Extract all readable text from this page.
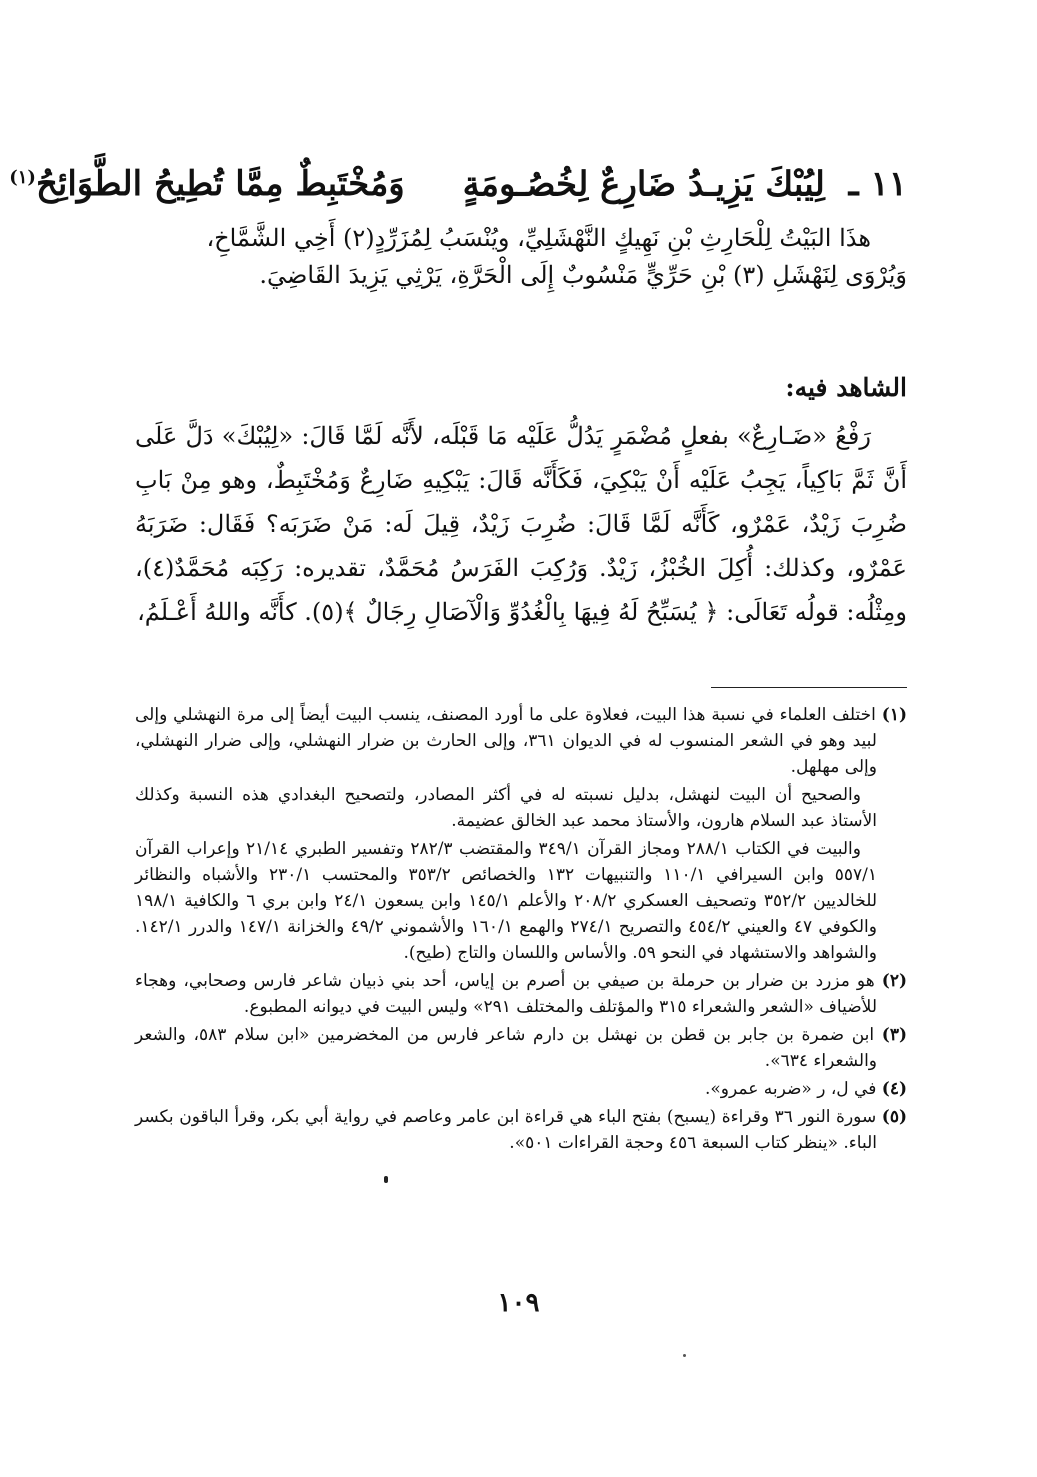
١١ ـ لِيُبْكَ يَزِيـدُ ضَارِعٌ لِخُصُـومَةٍ وَمُخْتَبِطٌ مِمَّا تُطِيحُ الطَّوَائِحُ$^{(١)}$

هذَا البَيْتُ لِلْحَارِثِ بْنِ نَهِيكٍ النَّهْشَلِيِّ، ويُنْسَبُ لِمُزَرِّدٍ(٢) أَخِي الشَّمَّاخِ،

وَيُرْوَى لِنَهْشَلِ (٣) بْنِ حَرِّيٍّ مَنْسُوبٌ إِلَى الْحَرَّةِ، يَرْثِي يَزِيدَ القَاضِيَ.

الشاهد فيه:

رَفْعُ «ضَـارِعٌ» بفعلٍ مُضْمَرٍ يَدُلُّ عَلَيْه مَا قَبْلَه، لأَنَّه لَمَّا قَالَ: «لِيُبْكَ» دَلَّ عَلَى أَنَّ ثَمَّ بَاكِياً، يَجِبُ عَلَيْه أَنْ يَبْكِيَ، فَكَأَنَّه قَالَ: يَبْكِيهِ ضَارِعٌ وَمُخْتَبِطٌ، وهو مِنْ بَابِ ضُرِبَ زَيْدٌ، عَمْرٌو، كَأَنَّه لَمَّا قَالَ: ضُرِبَ زَيْدٌ، قِيلَ لَه: مَنْ ضَرَبَه؟ فَقَال: ضَرَبَهُ عَمْرٌو، وكذلك: أُكِلَ الخُبْزُ، زَيْدٌ. وَرُكِبَ الفَرَسُ مُحَمَّدٌ، تقديره: رَكِبَه مُحَمَّدٌ(٤)، ومِثْلُه: قولُه تَعَالَى: ﴿ يُسَبِّحُ لَهُ فِيهَا بِالْغُدُوِّ وَالْآصَالِ رِجَالٌ ﴾(٥). كأَنَّه واللهُ أَعْـلَمُ،

(١) اختلف العلماء في نسبة هذا البيت، فعلاوة على ما أورد المصنف، ينسب البيت أيضاً إلى مرة النهشلي وإلى لبيد وهو في الشعر المنسوب له في الديوان ٣٦١، وإلى الحارث بن ضرار النهشلي، وإلى ضرار النهشلي، وإلى مهلهل.

والصحيح أن البيت لنهشل، بدليل نسبته له في أكثر المصادر، ولتصحيح البغدادي هذه النسبة وكذلك الأستاذ عبد السلام هارون، والأستاذ محمد عبد الخالق عضيمة.

والبيت في الكتاب ٢٨٨/١ ومجاز القرآن ٣٤٩/١ والمقتضب ٢٨٢/٣ وتفسير الطبري ٢١/١٤ وإعراب القرآن ٥٥٧/١ وابن السيرافي ١١٠/١ والتنبيهات ١٣٢ والخصائص ٣٥٣/٢ والمحتسب ٢٣٠/١ والأشباه والنظائر للخالديين ٣٥٢/٢ وتصحيف العسكري ٢٠٨/٢ والأعلم ١٤٥/١ وابن يسعون ٢٤/١ وابن بري ٦ والكافية ١٩٨/١ والكوفي ٤٧ والعيني ٤٥٤/٢ والتصريح ٢٧٤/١ والهمع ١٦٠/١ والأشموني ٤٩/٢ والخزانة ١٤٧/١ والدرر ١٤٢/١. والشواهد والاستشهاد في النحو ٥٩. والأساس واللسان والتاج (طيح).

(٢) هو مزرد بن ضرار بن حرملة بن صيفي بن أصرم بن إياس، أحد بني ذبيان شاعر فارس وصحابي، وهجاء للأضياف «الشعر والشعراء ٣١٥ والمؤتلف والمختلف ٢٩١» وليس البيت في ديوانه المطبوع.

(٣) ابن ضمرة بن جابر بن قطن بن نهشل بن دارم شاعر فارس من المخضرمين «ابن سلام ٥٨٣، والشعر والشعراء ٦٣٤».

(٤) في ل، ر «ضربه عمرو».

(٥) سورة النور ٣٦ وقراءة (يسبح) بفتح الباء هي قراءة ابن عامر وعاصم في رواية أبي بكر، وقرأ الباقون بكسر الباء. «ينظر كتاب السبعة ٤٥٦ وحجة القراءات ٥٠١».

١٠٩
